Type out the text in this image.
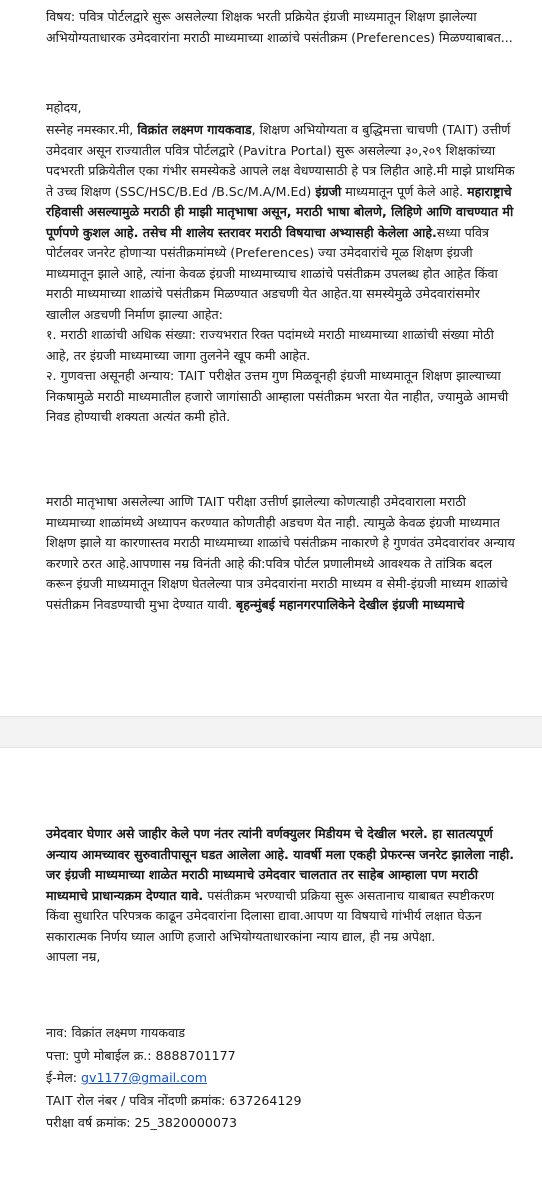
विषय: पवित्र पोर्टलद्वारे सुरू असलेल्या शिक्षक भरती प्रक्रियेत इंग्रजी माध्यमातून शिक्षण झालेल्या अभियोग्यताधारक उमेदवारांना मराठी माध्यमाच्या शाळांचे पसंतीक्रम (Preferences) मिळण्याबाबत...

महोदय,

सस्नेह नमस्कार.मी, विक्रांत लक्ष्मण गायकवाड, शिक्षण अभियोग्यता व बुद्धिमत्ता चाचणी (TAIT) उत्तीर्ण उमेदवार असून राज्यातील पवित्र पोर्टलद्वारे (Pavitra Portal) सुरू असलेल्या ३०,२०९ शिक्षकांच्या पदभरती प्रक्रियेतील एका गंभीर समस्येकडे आपले लक्ष वेधण्यासाठी हे पत्र लिहीत आहे.मी माझे प्राथमिक ते उच्च शिक्षण (SSC/HSC/B.Ed /B.Sc/M.A/M.Ed) इंग्रजी माध्यमातून पूर्ण केले आहे. महाराष्ट्राचे रहिवासी असल्यामुळे मराठी ही माझी मातृभाषा असून, मराठी भाषा बोलणे, लिहिणे आणि वाचण्यात मी पूर्णपणे कुशल आहे. तसेच मी शालेय स्तरावर मराठी विषयाचा अभ्यासही केलेला आहे.सध्या पवित्र पोर्टलवर जनरेट होणाऱ्या पसंतीक्रमांमध्ये (Preferences) ज्या उमेदवारांचे मूळ शिक्षण इंग्रजी माध्यमातून झाले आहे, त्यांना केवळ इंग्रजी माध्यमाच्याच शाळांचे पसंतीक्रम उपलब्ध होत आहेत किंवा मराठी माध्यमाच्या शाळांचे पसंतीक्रम मिळण्यात अडचणी येत आहेत.या समस्येमुळे उमेदवारांसमोर खालील अडचणी निर्माण झाल्या आहेत:

१. मराठी शाळांची अधिक संख्या: राज्यभरात रिक्त पदांमध्ये मराठी माध्यमाच्या शाळांची संख्या मोठी आहे, तर इंग्रजी माध्यमाच्या जागा तुलनेने खूप कमी आहेत.

२. गुणवत्ता असूनही अन्याय: TAIT परीक्षेत उत्तम गुण मिळवूनही इंग्रजी माध्यमातून शिक्षण झाल्याच्या निकषामुळे मराठी माध्यमातील हजारो जागांसाठी आम्हाला पसंतीक्रम भरता येत नाहीत, ज्यामुळे आमची निवड होण्याची शक्यता अत्यंत कमी होते.

मराठी मातृभाषा असलेल्या आणि TAIT परीक्षा उत्तीर्ण झालेल्या कोणत्याही उमेदवाराला मराठी माध्यमाच्या शाळांमध्ये अध्यापन करण्यात कोणतीही अडचण येत नाही. त्यामुळे केवळ इंग्रजी माध्यमात शिक्षण झाले या कारणास्तव मराठी माध्यमाच्या शाळांचे पसंतीक्रम नाकारणे हे गुणवंत उमेदवारांवर अन्याय करणारे ठरत आहे.आपणास नम्र विनंती आहे की:पवित्र पोर्टल प्रणालीमध्ये आवश्यक ते तांत्रिक बदल करून इंग्रजी माध्यमातून शिक्षण घेतलेल्या पात्र उमेदवारांना मराठी माध्यम व सेमी-इंग्रजी माध्यम शाळांचे पसंतीक्रम निवडण्याची मुभा देण्यात यावी. बृहन्मुंबई महानगरपालिकेने देखील इंग्रजी माध्यमाचे

उमेदवार घेणार असे जाहीर केले पण नंतर त्यांनी वर्णक्युलर मिडीयम चे देखील भरले. हा सातत्यपूर्ण अन्याय आमच्यावर सुरुवातीपासून घडत आलेला आहे. यावर्षी मला एकही प्रेफरन्स जनरेट झालेला नाही. जर इंग्रजी माध्यमाच्या शाळेत मराठी माध्यमाचे उमेदवार चालतात तर साहेब आम्हाला पण मराठी माध्यमाचे प्राधान्यक्रम देण्यात यावे. पसंतीक्रम भरण्याची प्रक्रिया सुरू असतानाच याबाबत स्पष्टीकरण किंवा सुधारित परिपत्रक काढून उमेदवारांना दिलासा द्यावा.आपण या विषयाचे गांभीर्य लक्षात घेऊन सकारात्मक निर्णय घ्याल आणि हजारो अभियोग्यताधारकांना न्याय द्याल, ही नम्र अपेक्षा.

आपला नम्र,

नाव: विक्रांत लक्ष्मण गायकवाड

पत्ता: पुणे मोबाईल क्र.: 8888701177

ई-मेल: gv1177@gmail.com

TAIT रोल नंबर / पवित्र नोंदणी क्रमांक: 637264129

परीक्षा वर्ष क्रमांक: 25_3820000073
